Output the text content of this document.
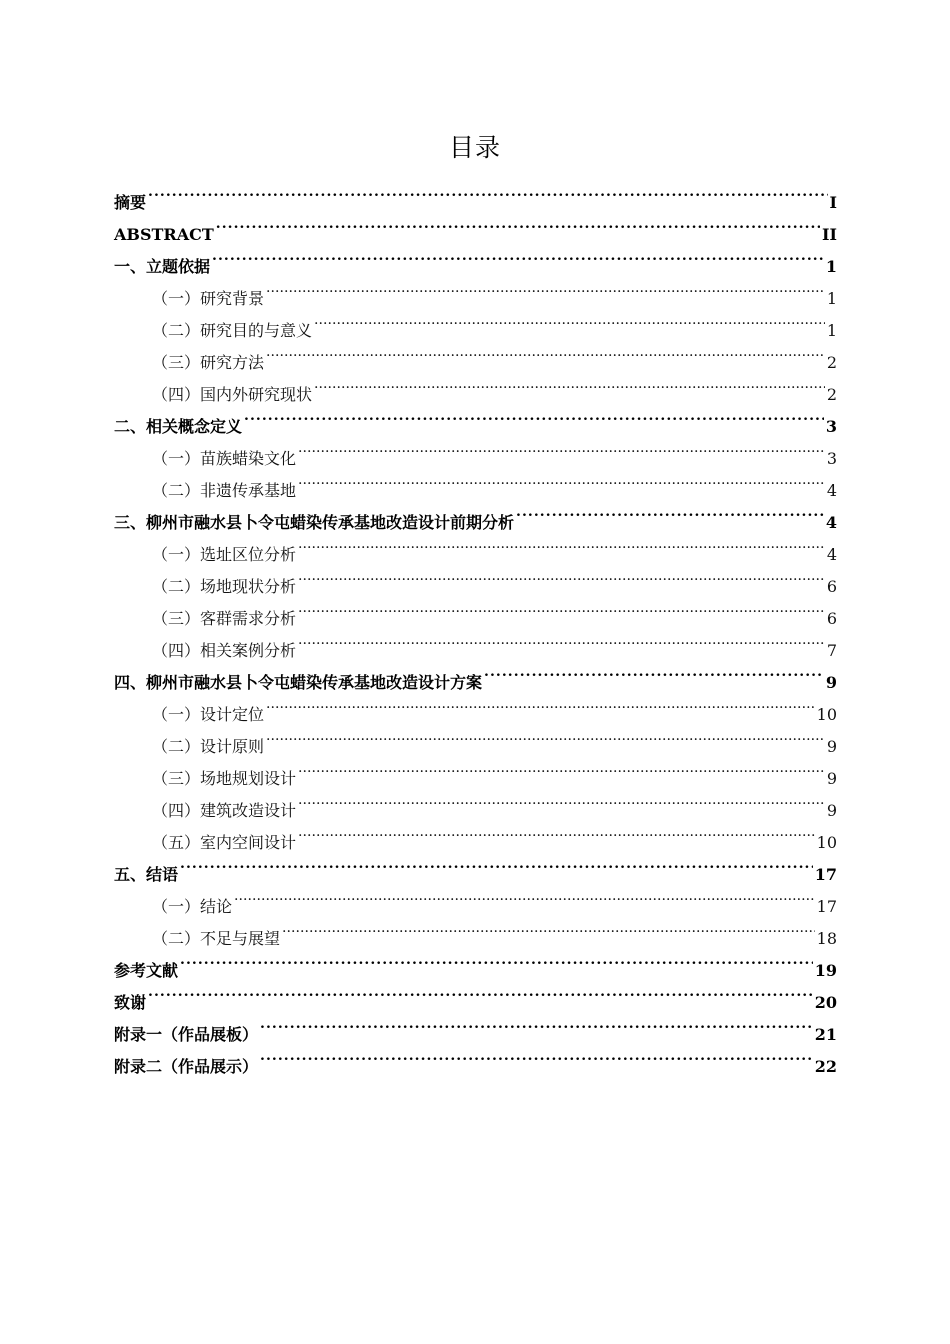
目录
摘要 . . .	I
ABSTRACT . . .	II
一、立题依据 . . .	1
（一）研究背景 . . .	1
（二）研究目的与意义 . . .	1
（三）研究方法 . . .	2
（四）国内外研究现状 . . .	2
二、相关概念定义 . . .	3
（一）苗族蜡染文化 . . .	3
（二）非遗传承基地 . . .	4
三、柳州市融水县卜令屯蜡染传承基地改造设计前期分析 . . .	4
（一）选址区位分析 . . .	4
（二）场地现状分析 . . .	6
（三）客群需求分析 . . .	6
（四）相关案例分析 . . .	7
四、柳州市融水县卜令屯蜡染传承基地改造设计方案 . . .	9
（一）设计定位 . . .	10
（二）设计原则 . . .	9
（三）场地规划设计 . . .	9
（四）建筑改造设计 . . .	9
（五）室内空间设计 . . .	10
五、结语 . . .	17
（一）结论 . . .	17
（二）不足与展望 . . .	18
参考文献 . . .	19
致谢 . . .	20
附录一（作品展板） . . .	21
附录二（作品展示） . . .	22
